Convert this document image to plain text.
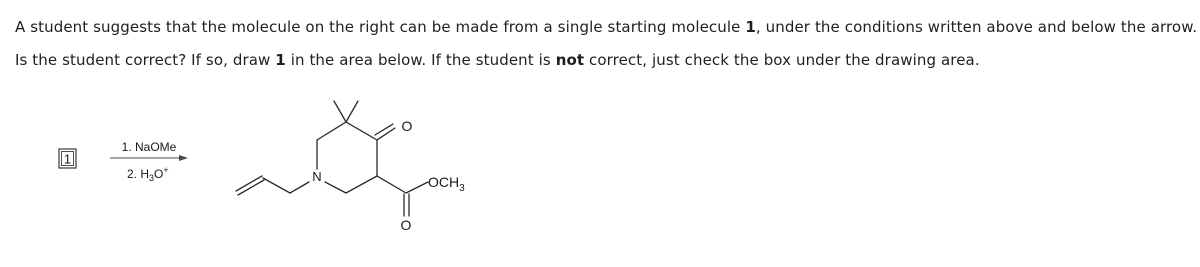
A student suggests that the molecule on the right can be made from a single starting molecule 1, under the conditions written above and below the arrow.
Is the student correct? If so, draw 1 in the area below. If the student is not correct, just check the box under the drawing area.
1
1. NaOMe
2. $H_3O^+$	N
O
O
$OCH_3$
